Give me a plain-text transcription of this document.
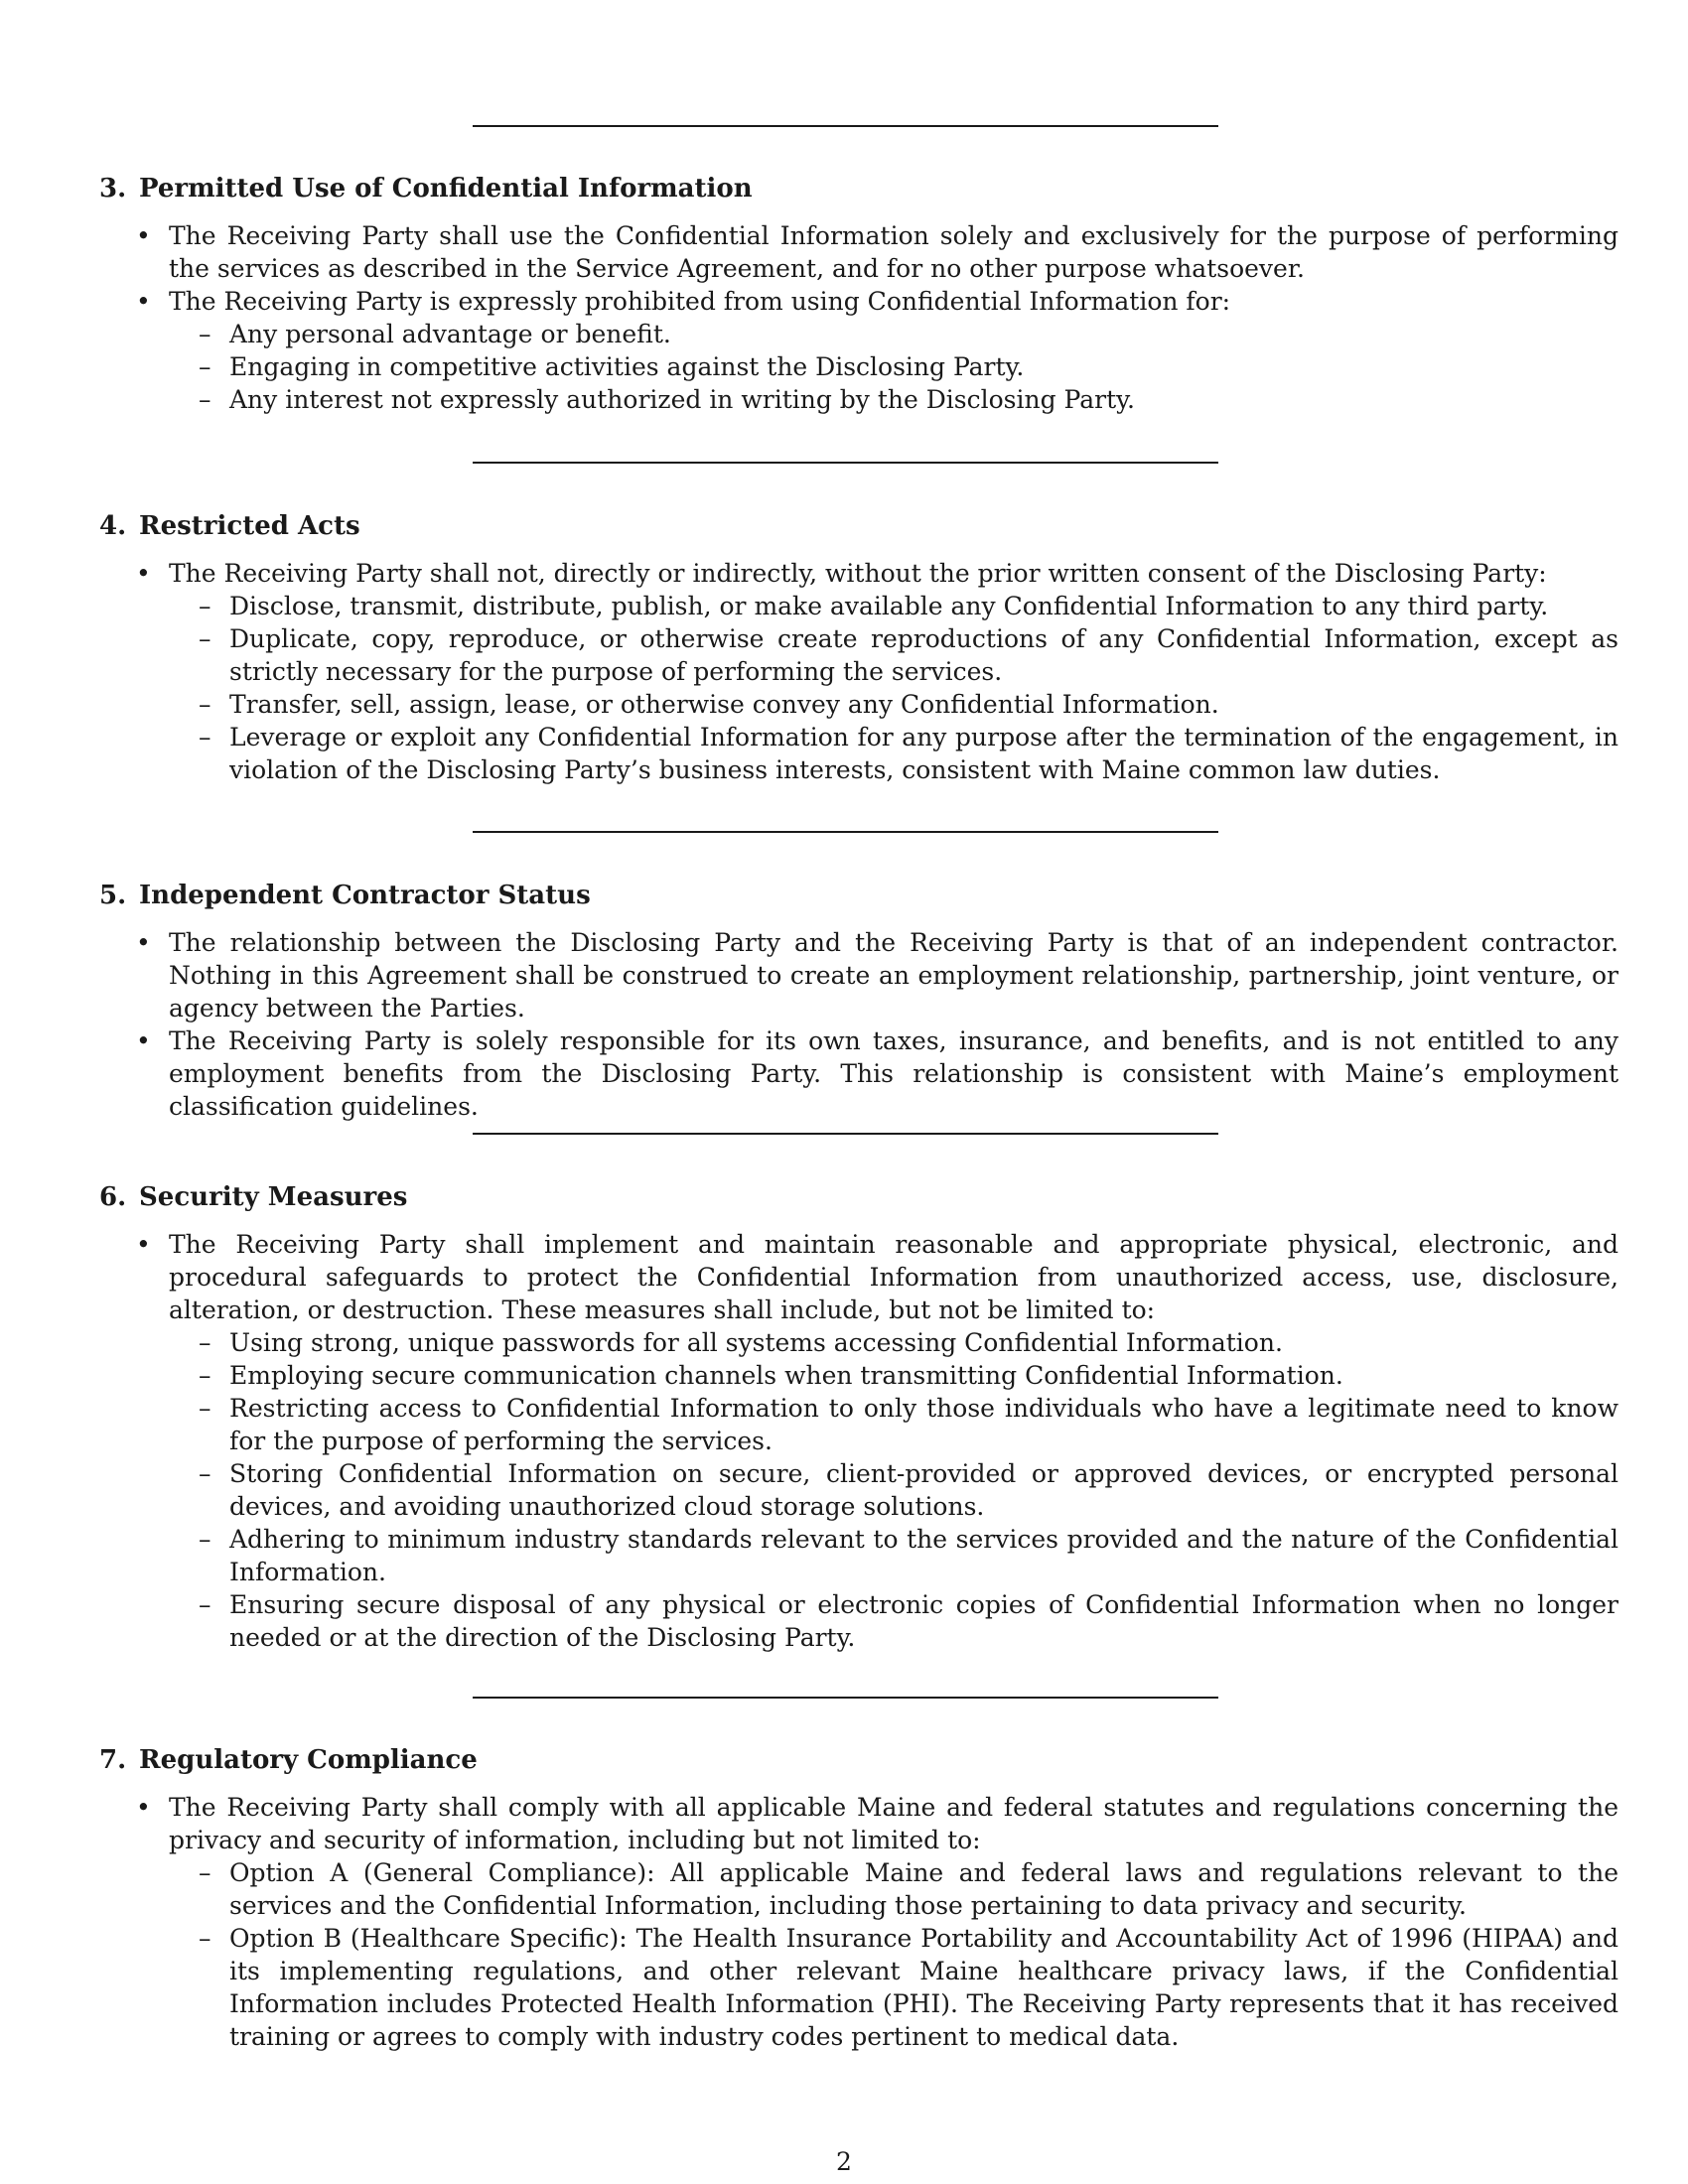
3. Permitted Use of Confidential Information
• The Receiving Party shall use the Confidential Information solely and exclusively for the purpose of performing the services as described in the Service Agreement, and for no other purpose whatsoever.
• The Receiving Party is expressly prohibited from using Confidential Information for:
– Any personal advantage or benefit.
– Engaging in competitive activities against the Disclosing Party.
– Any interest not expressly authorized in writing by the Disclosing Party.
4. Restricted Acts
• The Receiving Party shall not, directly or indirectly, without the prior written consent of the Disclosing Party:
– Disclose, transmit, distribute, publish, or make available any Confidential Information to any third party.
– Duplicate, copy, reproduce, or otherwise create reproductions of any Confidential Information, except as strictly necessary for the purpose of performing the services.
– Transfer, sell, assign, lease, or otherwise convey any Confidential Information.
– Leverage or exploit any Confidential Information for any purpose after the termination of the engagement, in violation of the Disclosing Party’s business interests, consistent with Maine common law duties.
5. Independent Contractor Status
• The relationship between the Disclosing Party and the Receiving Party is that of an independent contractor. Nothing in this Agreement shall be construed to create an employment relationship, partnership, joint venture, or agency between the Parties.
• The Receiving Party is solely responsible for its own taxes, insurance, and benefits, and is not entitled to any employment benefits from the Disclosing Party. This relationship is consistent with Maine’s employment classification guidelines.
6. Security Measures
• The Receiving Party shall implement and maintain reasonable and appropriate physical, electronic, and procedural safeguards to protect the Confidential Information from unauthorized access, use, disclosure, alteration, or destruction. These measures shall include, but not be limited to:
– Using strong, unique passwords for all systems accessing Confidential Information.
– Employing secure communication channels when transmitting Confidential Information.
– Restricting access to Confidential Information to only those individuals who have a legitimate need to know for the purpose of performing the services.
– Storing Confidential Information on secure, client-provided or approved devices, or encrypted personal devices, and avoiding unauthorized cloud storage solutions.
– Adhering to minimum industry standards relevant to the services provided and the nature of the Confidential Information.
– Ensuring secure disposal of any physical or electronic copies of Confidential Information when no longer needed or at the direction of the Disclosing Party.
7. Regulatory Compliance
• The Receiving Party shall comply with all applicable Maine and federal statutes and regulations concerning the privacy and security of information, including but not limited to:
– Option A (General Compliance): All applicable Maine and federal laws and regulations relevant to the services and the Confidential Information, including those pertaining to data privacy and security.
– Option B (Healthcare Specific): The Health Insurance Portability and Accountability Act of 1996 (HIPAA) and its implementing regulations, and other relevant Maine healthcare privacy laws, if the Confidential Information includes Protected Health Information (PHI). The Receiving Party represents that it has received training or agrees to comply with industry codes pertinent to medical data.
2
